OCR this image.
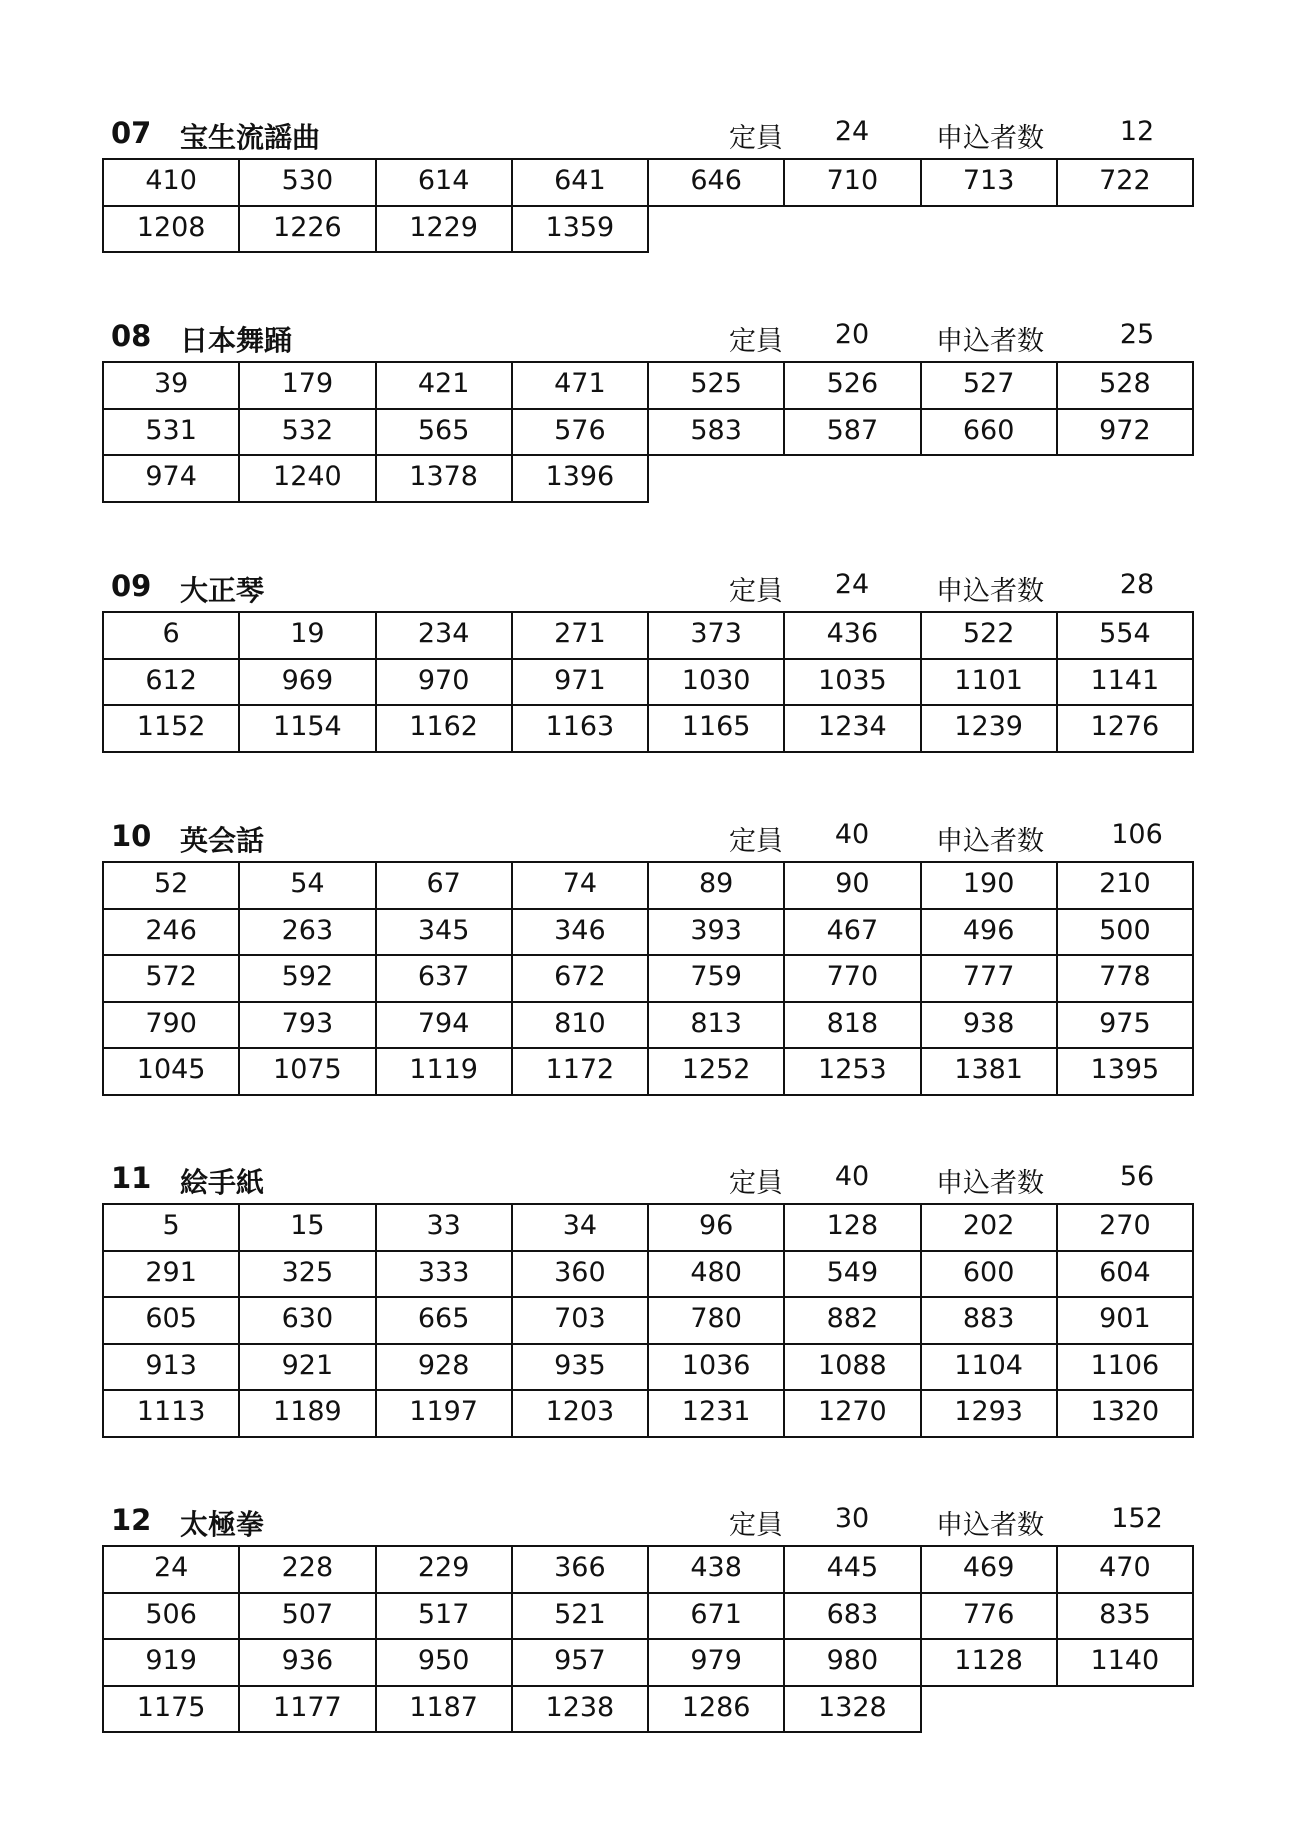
07 宝生流謡曲	定員	24	申込者数	12
410	530	614	641	646	710	713	722
1208	1226	1229	1359
08 日本舞踊	定員	20	申込者数	25
39	179	421	471	525	526	527	528
531	532	565	576	583	587	660	972
974	1240	1378	1396
09 大正琴	定員	24	申込者数	28
6	19	234	271	373	436	522	554
612	969	970	971	1030	1035	1101	1141
1152	1154	1162	1163	1165	1234	1239	1276
10 英会話	定員	40	申込者数	106
52	54	67	74	89	90	190	210
246	263	345	346	393	467	496	500
572	592	637	672	759	770	777	778
790	793	794	810	813	818	938	975
1045	1075	1119	1172	1252	1253	1381	1395
11 絵手紙	定員	40	申込者数	56
5	15	33	34	96	128	202	270
291	325	333	360	480	549	600	604
605	630	665	703	780	882	883	901
913	921	928	935	1036	1088	1104	1106
1113	1189	1197	1203	1231	1270	1293	1320
12 太極拳	定員	30	申込者数	152
24	228	229	366	438	445	469	470
506	507	517	521	671	683	776	835
919	936	950	957	979	980	1128	1140
1175	1177	1187	1238	1286	1328
